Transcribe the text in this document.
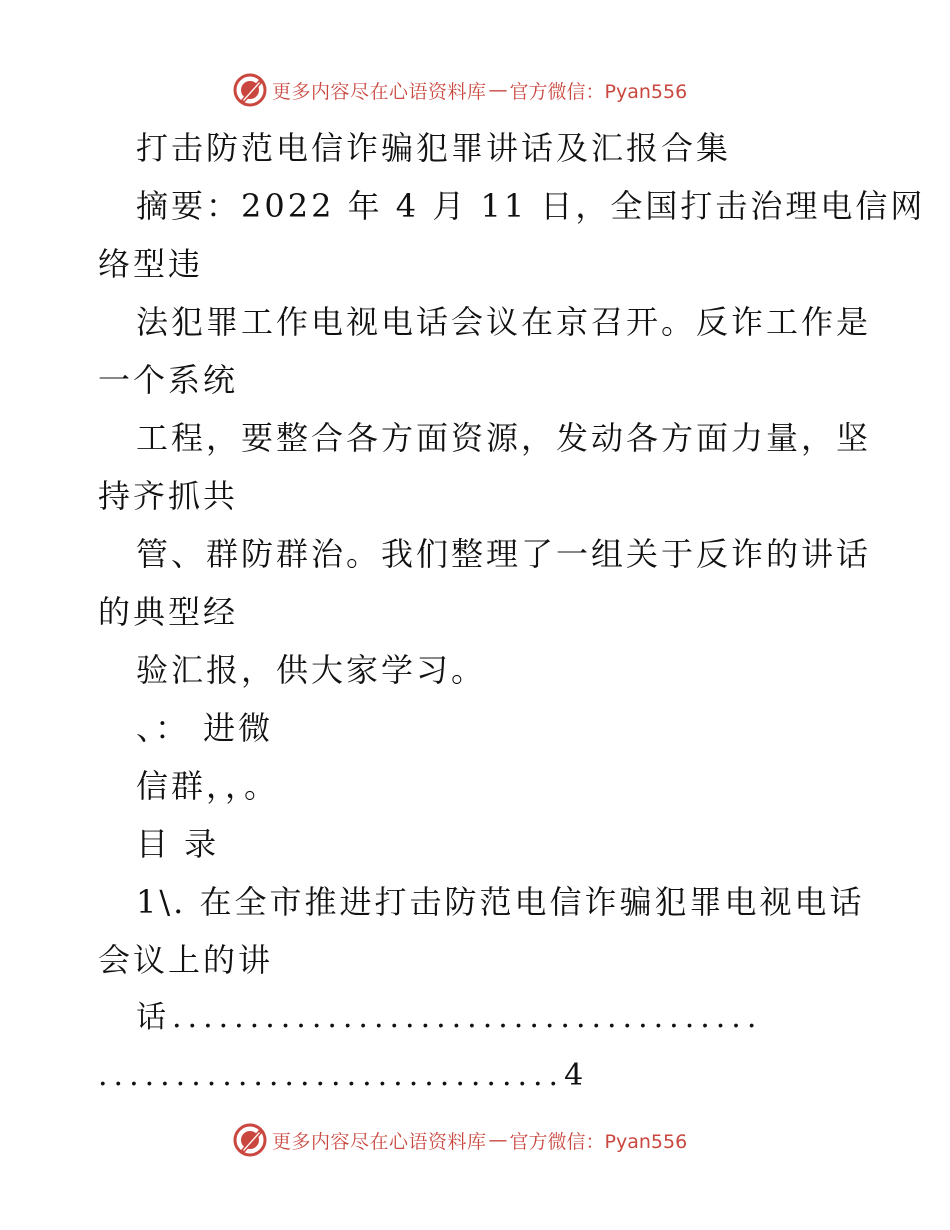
更多内容尽在心语资料库 — 官方微信：Pyan556
打击防范电信诈骗犯罪讲话及汇报合集
摘要：2022 年 4 月 11 日，全国打击治理电信网
络型违
法犯罪工作电视电话会议在京召开。反诈工作是
一个系统
工程，要整合各方面资源，发动各方面力量，坚
持齐抓共
管、群防群治。我们整理了一组关于反诈的讲话
的典型经
验汇报，供大家学习。
、： 进微
信群，，。
目 录
1\. 在全市推进打击防范电信诈骗犯罪电视电话
会议上的讲
话......................................
..............................4
更多内容尽在心语资料库 — 官方微信：Pyan556
